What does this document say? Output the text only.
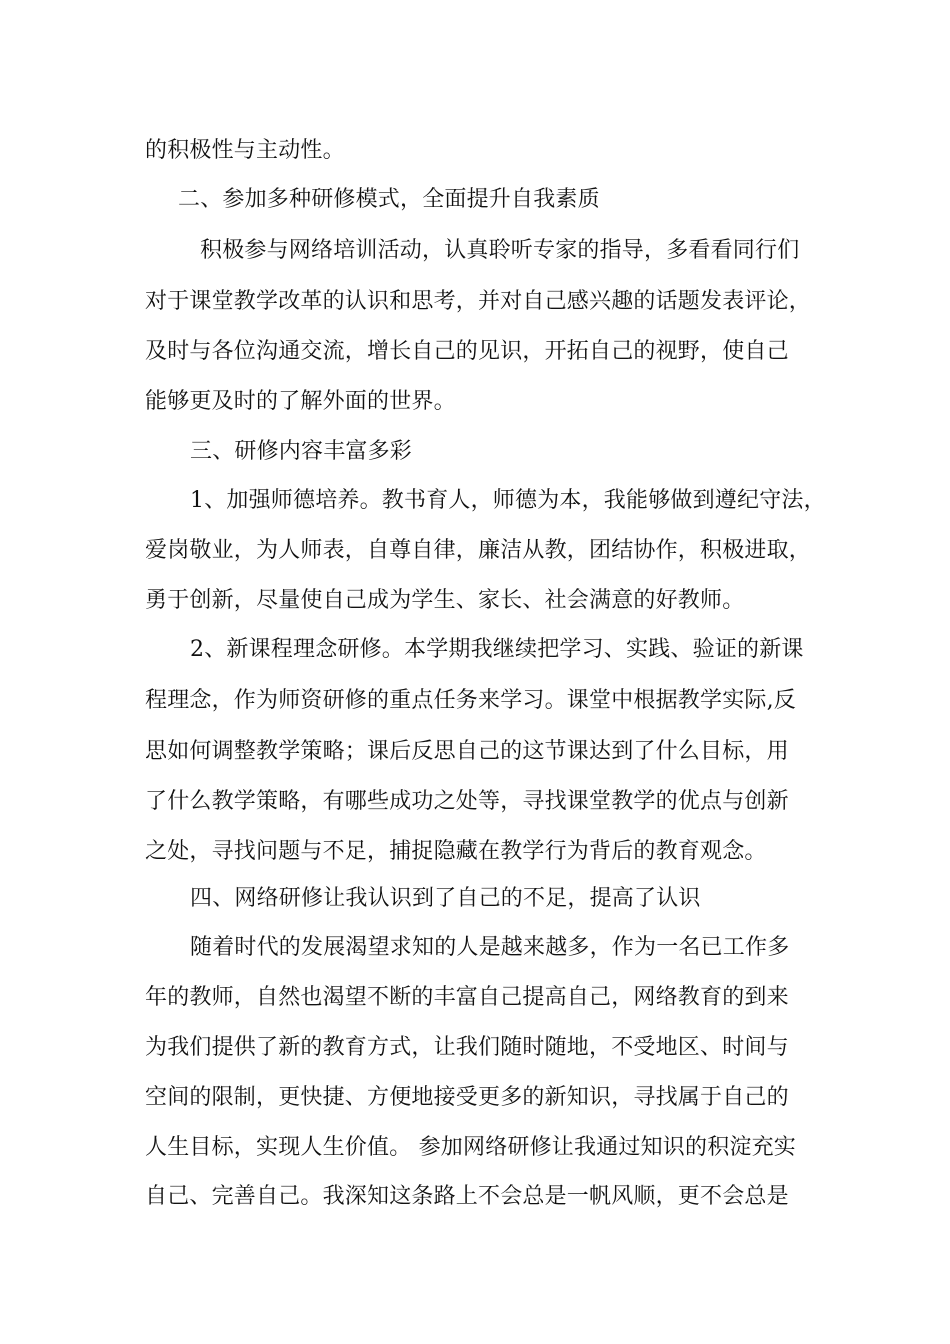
的积极性与主动性。
二、参加多种研修模式，全面提升自我素质
积极参与网络培训活动，认真聆听专家的指导，多看看同行们
对于课堂教学改革的认识和思考，并对自己感兴趣的话题发表评论，
及时与各位沟通交流，增长自己的见识，开拓自己的视野，使自己
能够更及时的了解外面的世界。
三、研修内容丰富多彩
1、加强师德培养。教书育人，师德为本，我能够做到遵纪守法，
爱岗敬业，为人师表，自尊自律，廉洁从教，团结协作，积极进取，
勇于创新，尽量使自己成为学生、家长、社会满意的好教师。
2、新课程理念研修。本学期我继续把学习、实践、验证的新课
程理念，作为师资研修的重点任务来学习。课堂中根据教学实际,反
思如何调整教学策略；课后反思自己的这节课达到了什么目标，用
了什么教学策略，有哪些成功之处等，寻找课堂教学的优点与创新
之处，寻找问题与不足，捕捉隐藏在教学行为背后的教育观念。
四、网络研修让我认识到了自己的不足，提高了认识
随着时代的发展渴望求知的人是越来越多，作为一名已工作多
年的教师，自然也渴望不断的丰富自己提高自己，网络教育的到来
为我们提供了新的教育方式，让我们随时随地，不受地区、时间与
空间的限制，更快捷、方便地接受更多的新知识，寻找属于自己的
人生目标，实现人生价值。 参加网络研修让我通过知识的积淀充实
自己、完善自己。我深知这条路上不会总是一帆风顺，更不会总是
